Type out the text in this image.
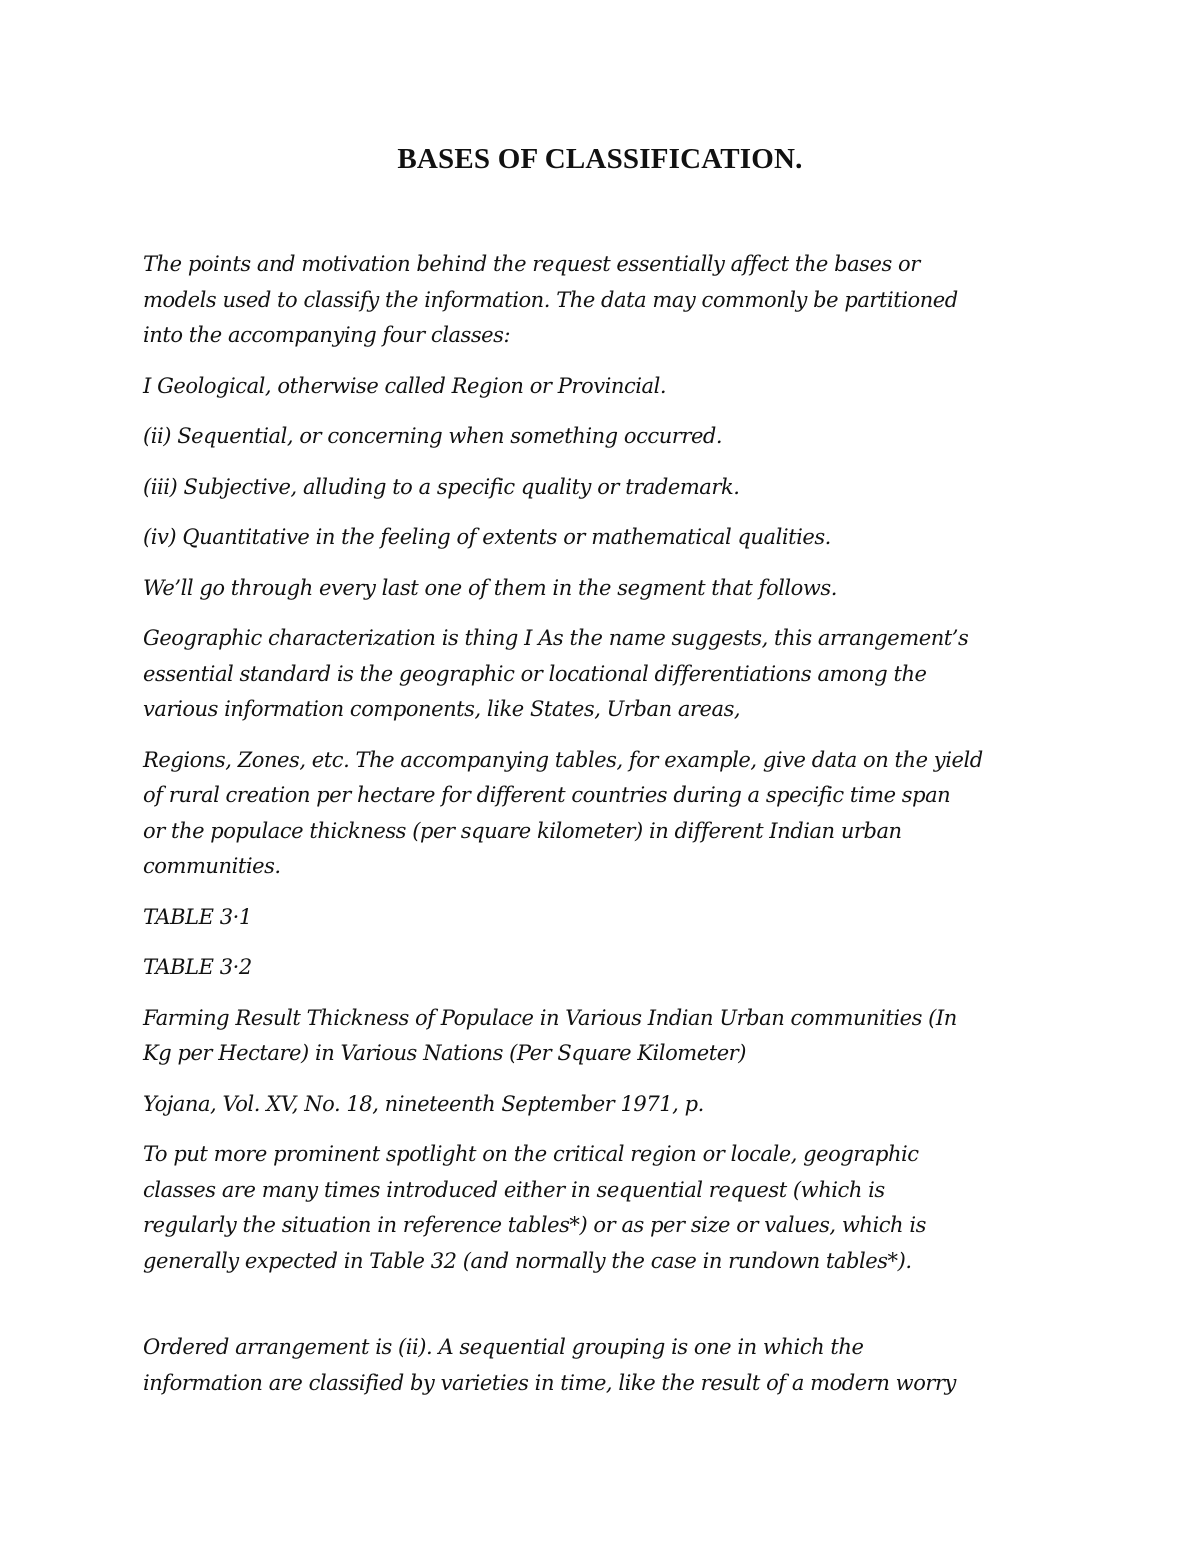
BASES OF CLASSIFICATION.

The points and motivation behind the request essentially affect the bases or
models used to classify the information. The data may commonly be partitioned
into the accompanying four classes:

I Geological, otherwise called Region or Provincial.

(ii) Sequential, or concerning when something occurred.

(iii) Subjective, alluding to a specific quality or trademark.

(iv) Quantitative in the feeling of extents or mathematical qualities.

We’ll go through every last one of them in the segment that follows.

Geographic characterization is thing I As the name suggests, this arrangement’s
essential standard is the geographic or locational differentiations among the
various information components, like States, Urban areas,

Regions, Zones, etc. The accompanying tables, for example, give data on the yield
of rural creation per hectare for different countries during a specific time span
or the populace thickness (per square kilometer) in different Indian urban
communities.

TABLE 3·1

TABLE 3·2

Farming Result Thickness of Populace in Various Indian Urban communities (In
Kg per Hectare) in Various Nations (Per Square Kilometer)

Yojana, Vol. XV, No. 18, nineteenth September 1971, p.

To put more prominent spotlight on the critical region or locale, geographic
classes are many times introduced either in sequential request (which is
regularly the situation in reference tables*) or as per size or values, which is
generally expected in Table 32 (and normally the case in rundown tables*).

Ordered arrangement is (ii). A sequential grouping is one in which the
information are classified by varieties in time, like the result of a modern worry
